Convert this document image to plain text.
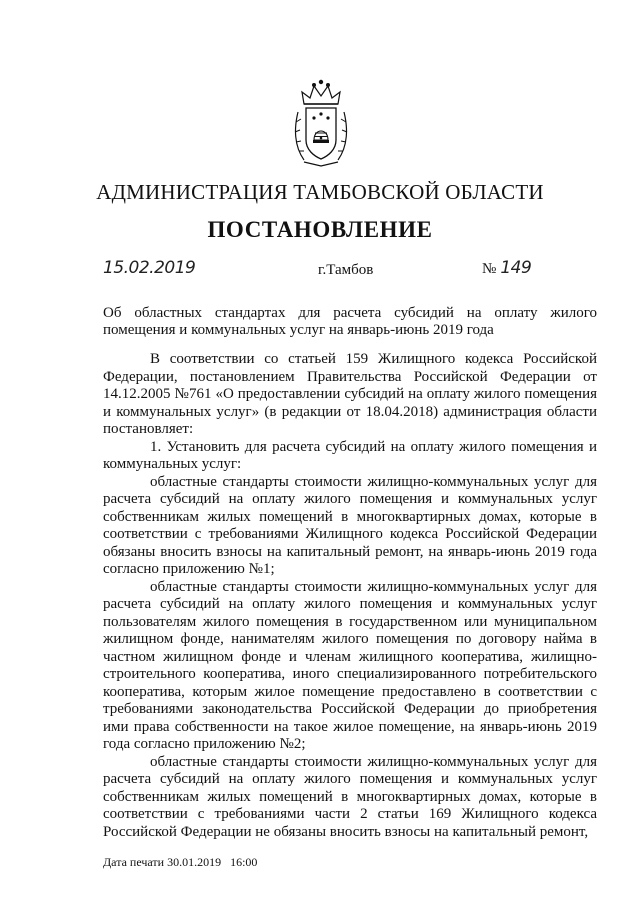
АДМИНИСТРАЦИЯ ТАМБОВСКОЙ ОБЛАСТИ
ПОСТАНОВЛЕНИЕ
15.02.2019	г.Тамбов	№ 149
Об областных стандартах для расчета субсидий на оплату жилого помещения и коммунальных услуг на январь-июнь 2019 года

В соответствии со статьей 159 Жилищного кодекса Российской Федерации, постановлением Правительства Российской Федерации от 14.12.2005 №761 «О предоставлении субсидий на оплату жилого помещения и коммунальных услуг» (в редакции от 18.04.2018) администрация области постановляет:

1. Установить для расчета субсидий на оплату жилого помещения и коммунальных услуг:

областные стандарты стоимости жилищно-коммунальных услуг для расчета субсидий на оплату жилого помещения и коммунальных услуг собственникам жилых помещений в многоквартирных домах, которые в соответствии с требованиями Жилищного кодекса Российской Федерации обязаны вносить взносы на капитальный ремонт, на январь-июнь 2019 года согласно приложению №1;

областные стандарты стоимости жилищно-коммунальных услуг для расчета субсидий на оплату жилого помещения и коммунальных услуг пользователям жилого помещения в государственном или муниципальном жилищном фонде, нанимателям жилого помещения по договору найма в частном жилищном фонде и членам жилищного кооператива, жилищно-строительного кооператива, иного специализированного потребительского кооператива, которым жилое помещение предоставлено в соответствии с требованиями законодательства Российской Федерации до приобретения ими права собственности на такое жилое помещение, на январь-июнь 2019 года согласно приложению №2;

областные стандарты стоимости жилищно-коммунальных услуг для расчета субсидий на оплату жилого помещения и коммунальных услуг собственникам жилых помещений в многоквартирных домах, которые в соответствии с требованиями части 2 статьи 169 Жилищного кодекса Российской Федерации не обязаны вносить взносы на капитальный ремонт,

Дата печати 30.01.2019   16:00
